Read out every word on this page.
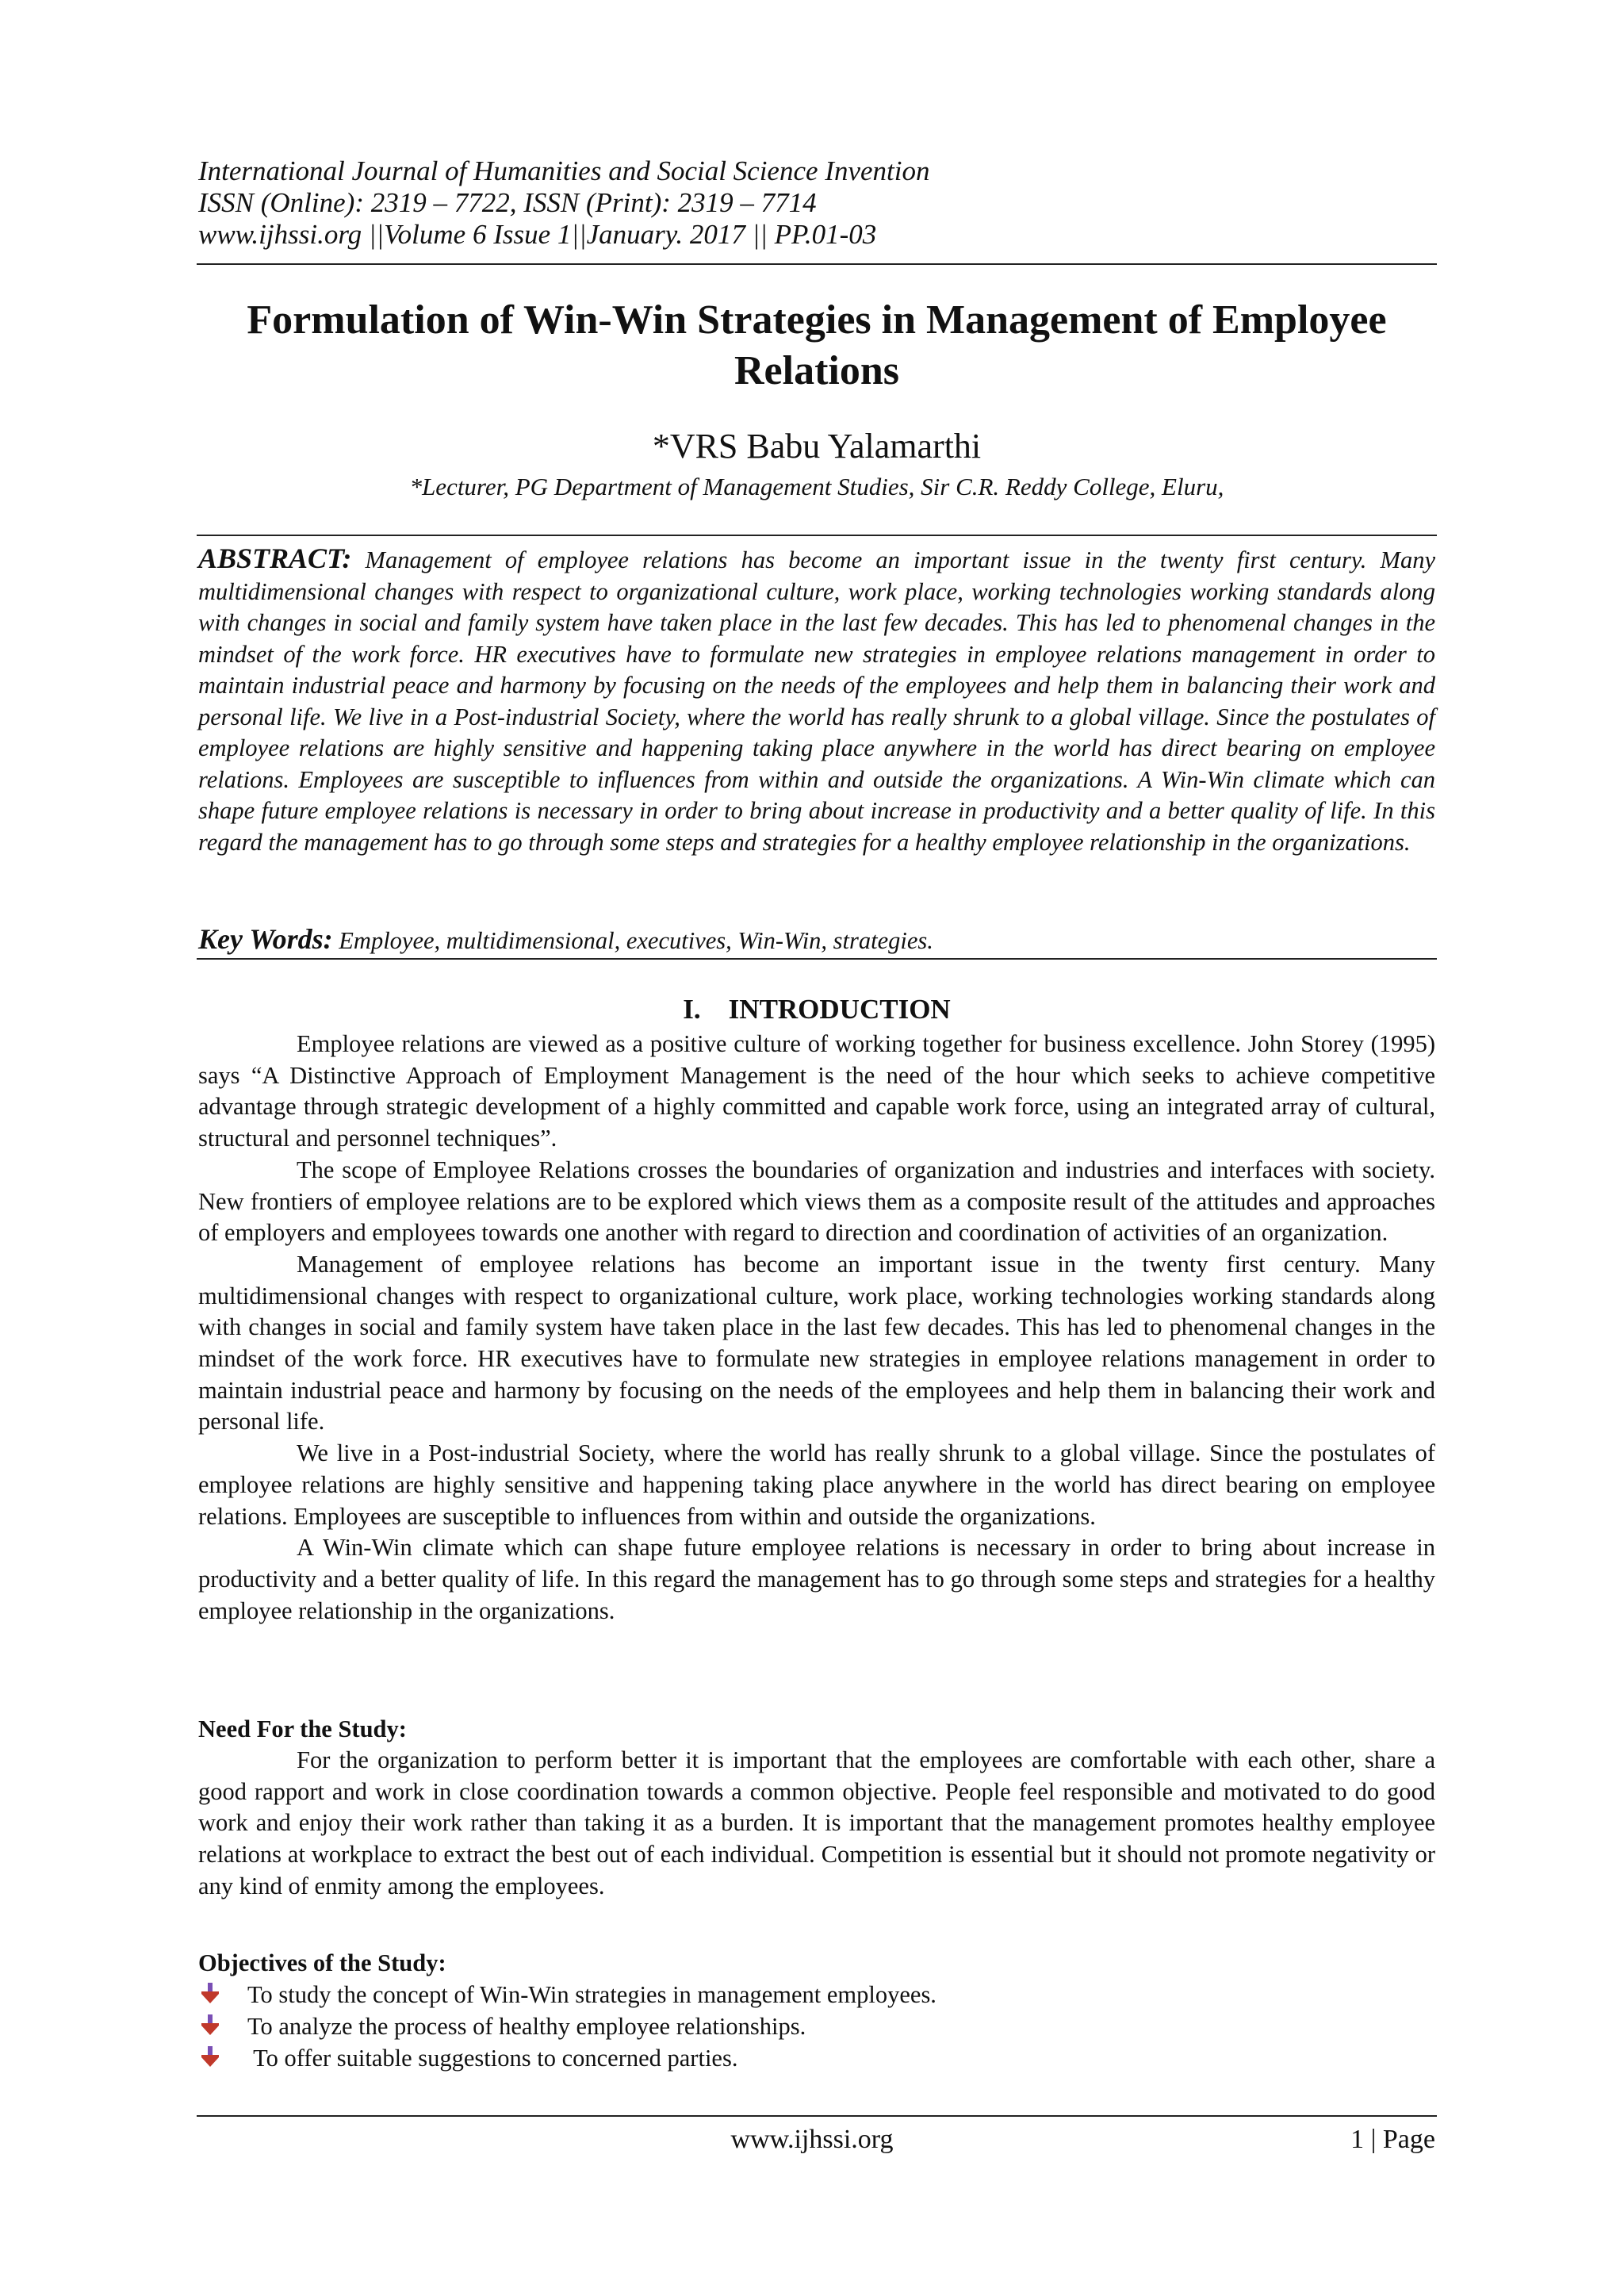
International Journal of Humanities and Social Science Invention
ISSN (Online): 2319 – 7722, ISSN (Print): 2319 – 7714
www.ijhssi.org ||Volume 6 Issue 1||January. 2017 || PP.01-03
Formulation of Win-Win Strategies in Management of Employee Relations
*VRS Babu Yalamarthi
*Lecturer, PG Department of Management Studies, Sir C.R. Reddy College, Eluru,
ABSTRACT: Management of employee relations has become an important issue in the twenty first century. Many multidimensional changes with respect to organizational culture, work place, working technologies working standards along with changes in social and family system have taken place in the last few decades. This has led to phenomenal changes in the mindset of the work force. HR executives have to formulate new strategies in employee relations management in order to maintain industrial peace and harmony by focusing on the needs of the employees and help them in balancing their work and personal life. We live in a Post-industrial Society, where the world has really shrunk to a global village. Since the postulates of employee relations are highly sensitive and happening taking place anywhere in the world has direct bearing on employee relations. Employees are susceptible to influences from within and outside the organizations. A Win-Win climate which can shape future employee relations is necessary in order to bring about increase in productivity and a better quality of life. In this regard the management has to go through some steps and strategies for a healthy employee relationship in the organizations.
Key Words: Employee, multidimensional, executives, Win-Win, strategies.
I.    INTRODUCTION

Employee relations are viewed as a positive culture of working together for business excellence. John Storey (1995) says “A Distinctive Approach of Employment Management is the need of the hour which seeks to achieve competitive advantage through strategic development of a highly committed and capable work force, using an integrated array of cultural, structural and personnel techniques”.

The scope of Employee Relations crosses the boundaries of organization and industries and interfaces with society. New frontiers of employee relations are to be explored which views them as a composite result of the attitudes and approaches of employers and employees towards one another with regard to direction and coordination of activities of an organization.

Management of employee relations has become an important issue in the twenty first century. Many multidimensional changes with respect to organizational culture, work place, working technologies working standards along with changes in social and family system have taken place in the last few decades. This has led to phenomenal changes in the mindset of the work force. HR executives have to formulate new strategies in employee relations management in order to maintain industrial peace and harmony by focusing on the needs of the employees and help them in balancing their work and personal life.

We live in a Post-industrial Society, where the world has really shrunk to a global village. Since the postulates of employee relations are highly sensitive and happening taking place anywhere in the world has direct bearing on employee relations. Employees are susceptible to influences from within and outside the organizations.

A Win-Win climate which can shape future employee relations is necessary in order to bring about increase in productivity and a better quality of life. In this regard the management has to go through some steps and strategies for a healthy employee relationship in the organizations.

Need For the Study:

For the organization to perform better it is important that the employees are comfortable with each other, share a good rapport and work in close coordination towards a common objective. People feel responsible and motivated to do good work and enjoy their work rather than taking it as a burden. It is important that the management promotes healthy employee relations at workplace to extract the best out of each individual. Competition is essential but it should not promote negativity or any kind of enmity among the employees.

Objectives of the Study:
To study the concept of Win-Win strategies in management employees.
To analyze the process of healthy employee relationships.
To offer suitable suggestions to concerned parties.
www.ijhssi.org	1 | Page
